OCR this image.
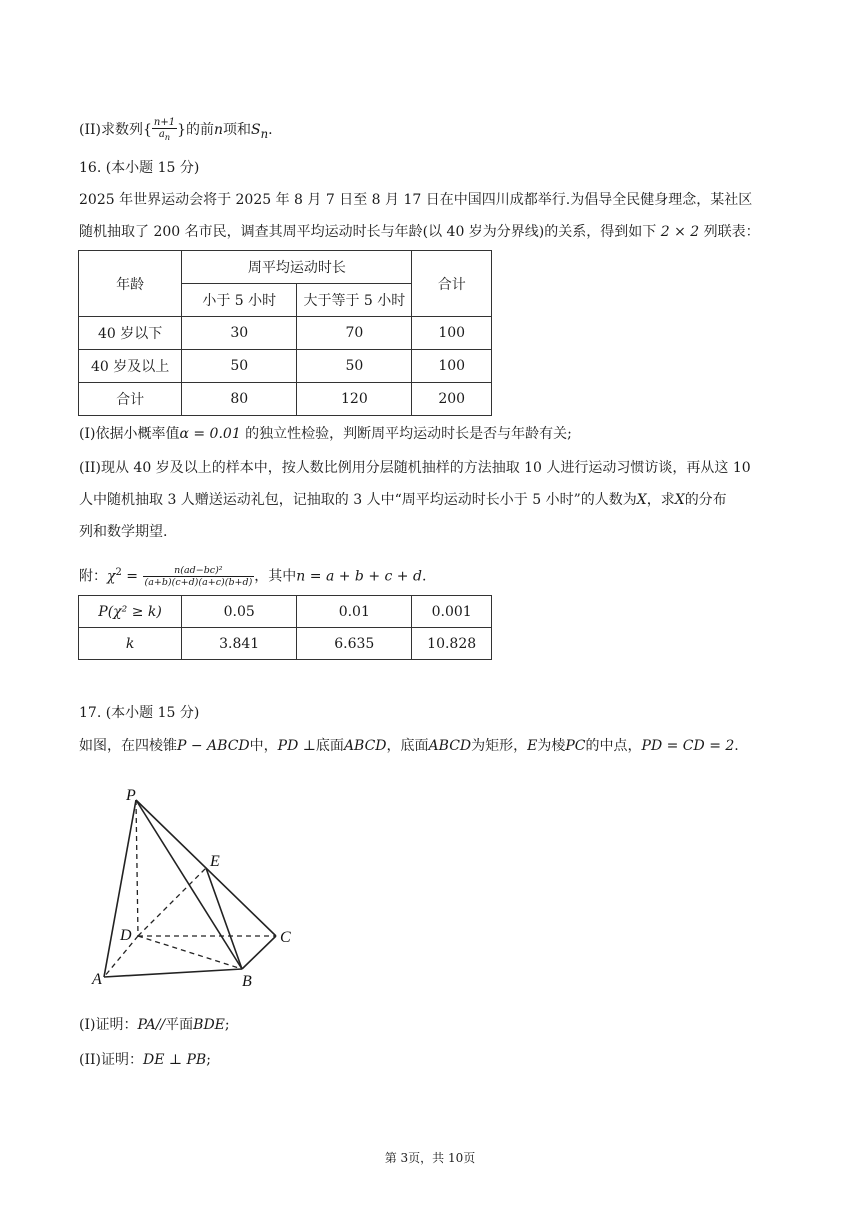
(II)求数列{ $\frac{n+1}{a_n}$ }的前n项和$S_n$.
16. (本小题 15 分)
2025 年世界运动会将于 2025 年 8 月 7 日至 8 月 17 日在中国四川成都举行.为倡导全民健身理念，某社区
随机抽取了 200 名市民，调查其周平均运动时长与年龄(以 40 岁为分界线)的关系，得到如下 2 × 2 列联表：
年龄	周平均运动时长		合计
	小于 5 小时	大于等于 5 小时	
40 岁以下	30	70	100
40 岁及以上	50	50	100
合计	80	120	200
(I)依据小概率值α = 0.01 的独立性检验，判断周平均运动时长是否与年龄有关;
(II)现从 40 岁及以上的样本中，按人数比例用分层随机抽样的方法抽取 10 人进行运动习惯访谈，再从这 10
人中随机抽取 3 人赠送运动礼包，记抽取的 3 人中“周平均运动时长小于 5 小时”的人数为X，求X的分布
列和数学期望.
附：$\chi^2 = \frac{\text{n(ad−bc)²}}{(a+b)(c+d)(a+c)(b+d)}$ ，其中n = a + b + c + d.
P(χ² ≥ k)	0.05	0.01	0.001
k	3.841	6.635	10.828
17. (本小题 15 分)
如图，在四棱锥P − ABCD中，PD ⊥底面ABCD，底面ABCD为矩形，E为棱PC的中点，PD = CD = 2.
P
E
D	C
A	B
(I)证明：PA//平面BDE;
(II)证明：DE ⊥ PB;
第 3页，共 10页
